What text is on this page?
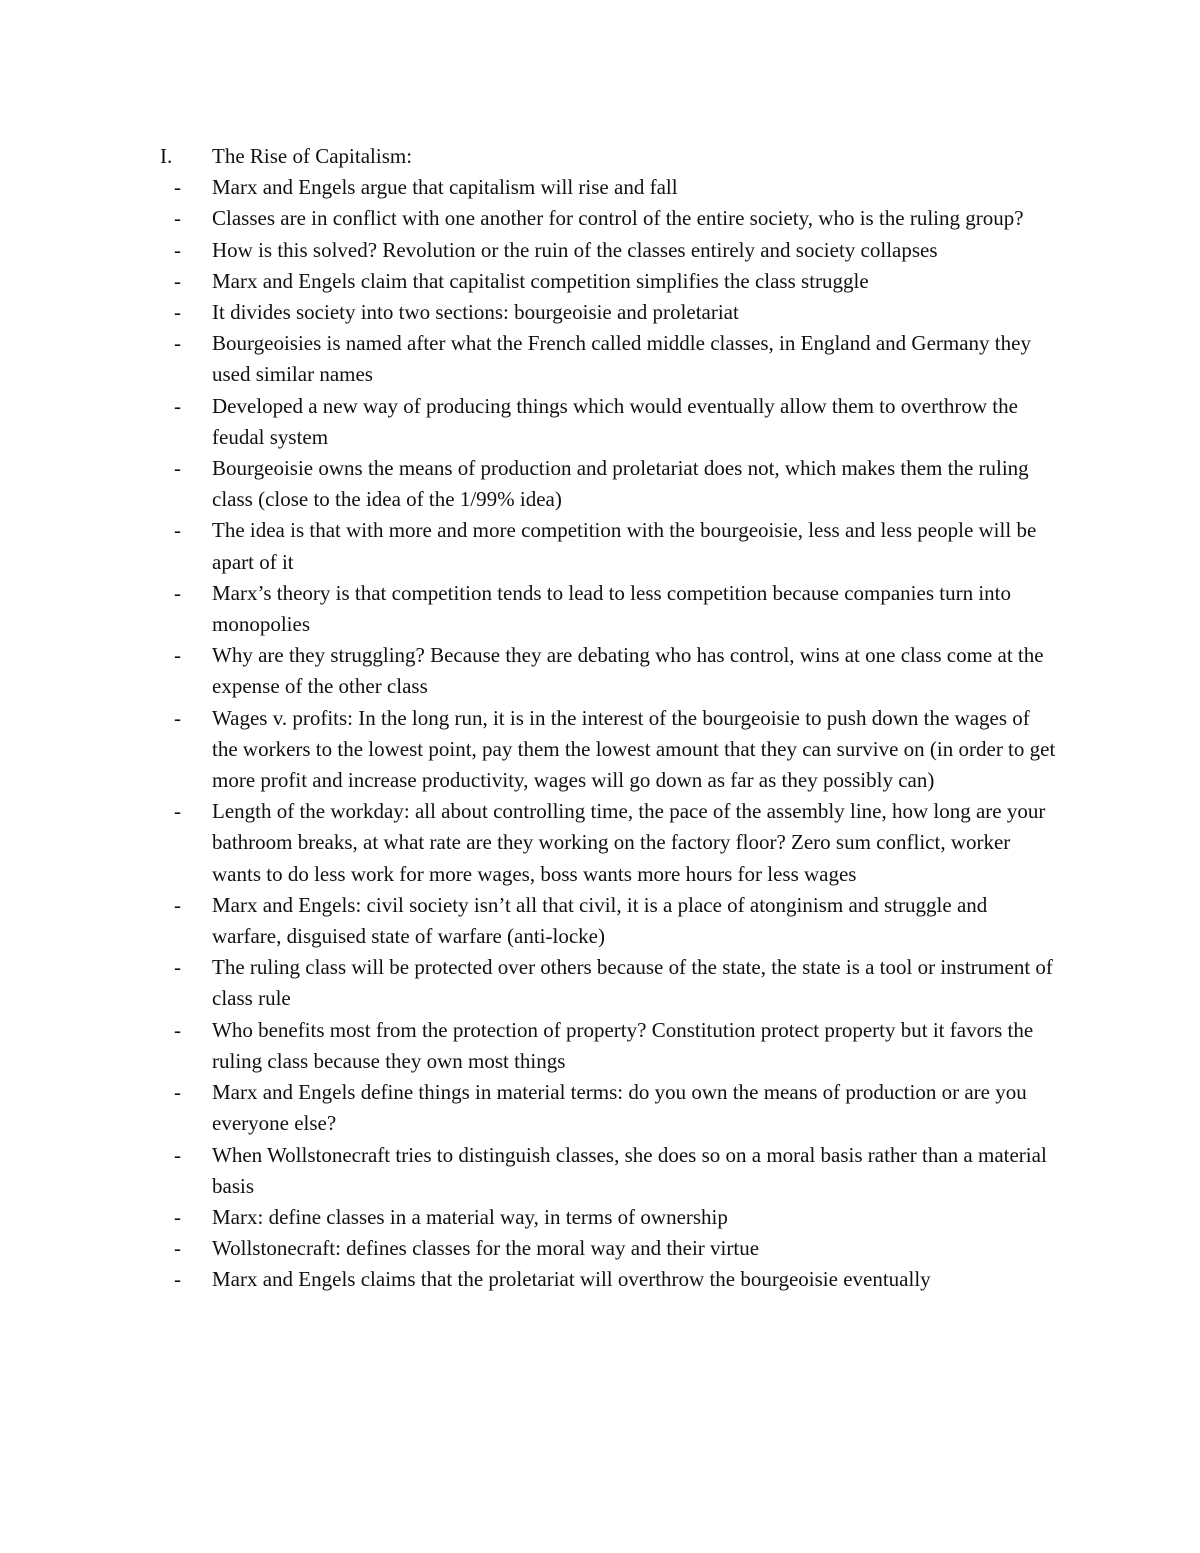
I.	The Rise of Capitalism:
-	Marx and Engels argue that capitalism will rise and fall
-	Classes are in conflict with one another for control of the entire society, who is the ruling group?
-	How is this solved? Revolution or the ruin of the classes entirely and society collapses
-	Marx and Engels claim that capitalist competition simplifies the class struggle
-	It divides society into two sections: bourgeoisie and proletariat
-	Bourgeoisies is named after what the French called middle classes, in England and Germany they used similar names
-	Developed a new way of producing things which would eventually allow them to overthrow the feudal system
-	Bourgeoisie owns the means of production and proletariat does not, which makes them the ruling class (close to the idea of the 1/99% idea)
-	The idea is that with more and more competition with the bourgeoisie, less and less people will be apart of it
-	Marx’s theory is that competition tends to lead to less competition because companies turn into monopolies
-	Why are they struggling? Because they are debating who has control, wins at one class come at the expense of the other class
-	Wages v. profits: In the long run, it is in the interest of the bourgeoisie to push down the wages of the workers to the lowest point, pay them the lowest amount that they can survive on (in order to get more profit and increase productivity, wages will go down as far as they possibly can)
-	Length of the workday: all about controlling time, the pace of the assembly line, how long are your bathroom breaks, at what rate are they working on the factory floor? Zero sum conflict, worker wants to do less work for more wages, boss wants more hours for less wages
-	Marx and Engels: civil society isn’t all that civil, it is a place of atonginism and struggle and warfare, disguised state of warfare (anti-locke)
-	The ruling class will be protected over others because of the state, the state is a tool or instrument of class rule
-	Who benefits most from the protection of property? Constitution protect property but it favors the ruling class because they own most things
-	Marx and Engels define things in material terms: do you own the means of production or are you everyone else?
-	When Wollstonecraft tries to distinguish classes, she does so on a moral basis rather than a material basis
-	Marx: define classes in a material way, in terms of ownership
-	Wollstonecraft: defines classes for the moral way and their virtue
-	Marx and Engels claims that the proletariat will overthrow the bourgeoisie eventually
